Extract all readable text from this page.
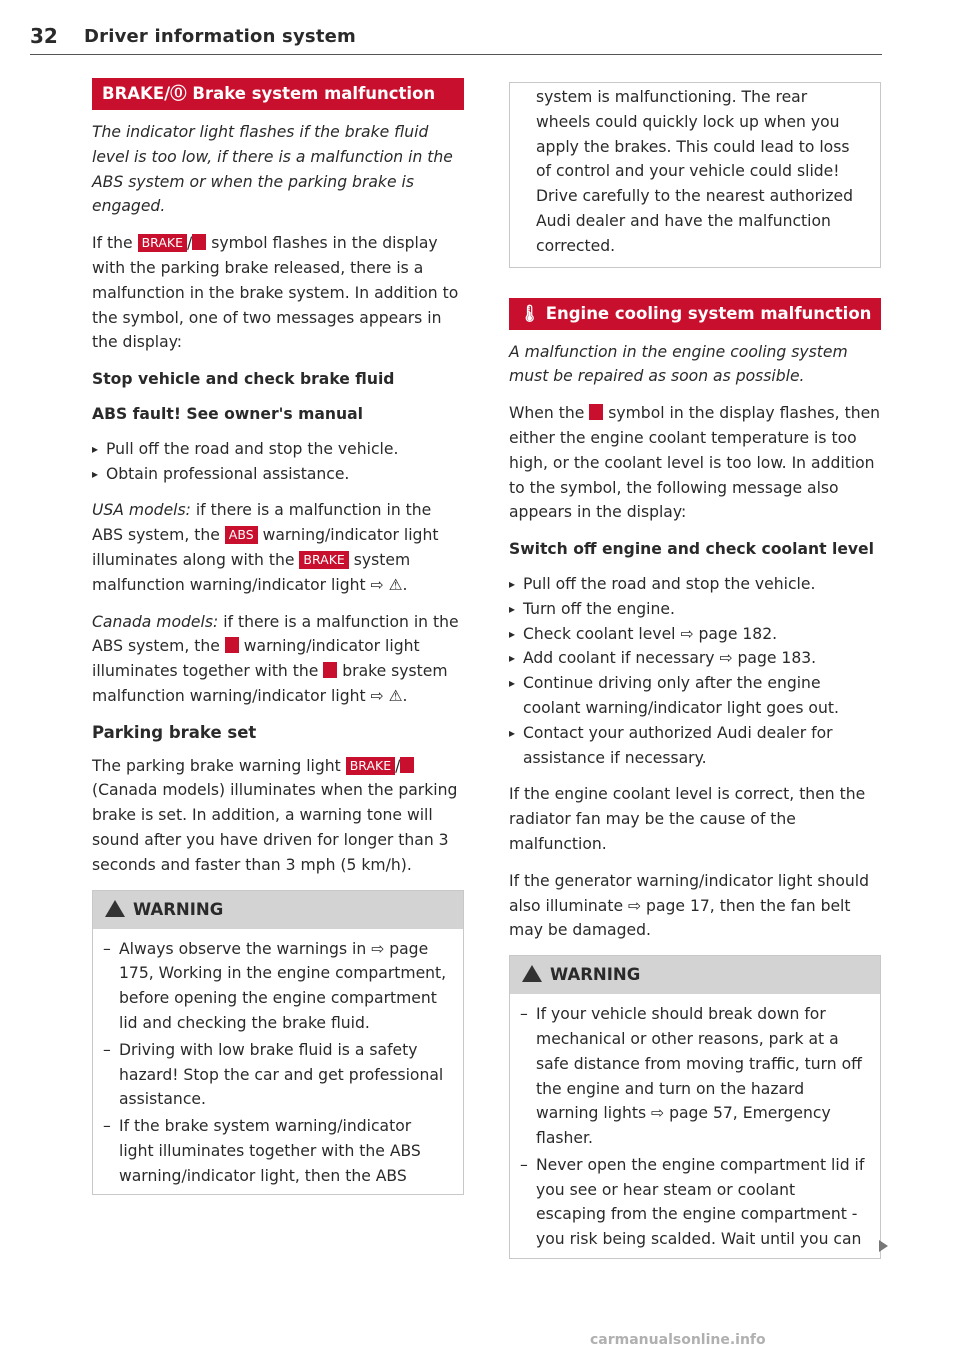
32 Driver information system
BRAKE/⓪ Brake system malfunction

The indicator light flashes if the brake fluid level is too low, if there is a malfunction in the ABS system or when the parking brake is engaged.

If the BRAKE / symbol flashes in the display with the parking brake released, there is a malfunction in the brake system. In addition to the symbol, one of two messages appears in the display:

Stop vehicle and check brake fluid

ABS fault! See owner's manual

▸ Pull off the road and stop the vehicle.
▸ Obtain professional assistance.

USA models: if there is a malfunction in the ABS system, the ABS warning/indicator light illuminates along with the BRAKE system malfunction warning/indicator light ⇨ ⚠.

Canada models: if there is a malfunction in the ABS system, the  warning/indicator light illuminates together with the  brake system malfunction warning/indicator light ⇨ ⚠.

Parking brake set

The parking brake warning light BRAKE / (Canada models) illuminates when the parking brake is set. In addition, a warning tone will sound after you have driven for longer than 3 seconds and faster than 3 mph (5 km/h).

WARNING
– Always observe the warnings in ⇨ page 175, Working in the engine compartment, before opening the engine compartment lid and checking the brake fluid.
– Driving with low brake fluid is a safety hazard! Stop the car and get professional assistance.
– If the brake system warning/indicator light illuminates together with the ABS warning/indicator light, then the ABS

system is malfunctioning. The rear wheels could quickly lock up when you apply the brakes. This could lead to loss of control and your vehicle could slide! Drive carefully to the nearest authorized Audi dealer and have the malfunction corrected.

🌡︎ Engine cooling system malfunction

A malfunction in the engine cooling system must be repaired as soon as possible.

When the  symbol in the display flashes, then either the engine coolant temperature is too high, or the coolant level is too low. In addition to the symbol, the following message also appears in the display:

Switch off engine and check coolant level

▸ Pull off the road and stop the vehicle.
▸ Turn off the engine.
▸ Check coolant level ⇨ page 182.
▸ Add coolant if necessary ⇨ page 183.
▸ Continue driving only after the engine coolant warning/indicator light goes out.
▸ Contact your authorized Audi dealer for assistance if necessary.

If the engine coolant level is correct, then the radiator fan may be the cause of the malfunction.

If the generator warning/indicator light should also illuminate ⇨ page 17, then the fan belt may be damaged.

WARNING
– If your vehicle should break down for mechanical or other reasons, park at a safe distance from moving traffic, turn off the engine and turn on the hazard warning lights ⇨ page 57, Emergency flasher.
– Never open the engine compartment lid if you see or hear steam or coolant escaping from the engine compartment - you risk being scalded. Wait until you can
carmanualsonline.info
